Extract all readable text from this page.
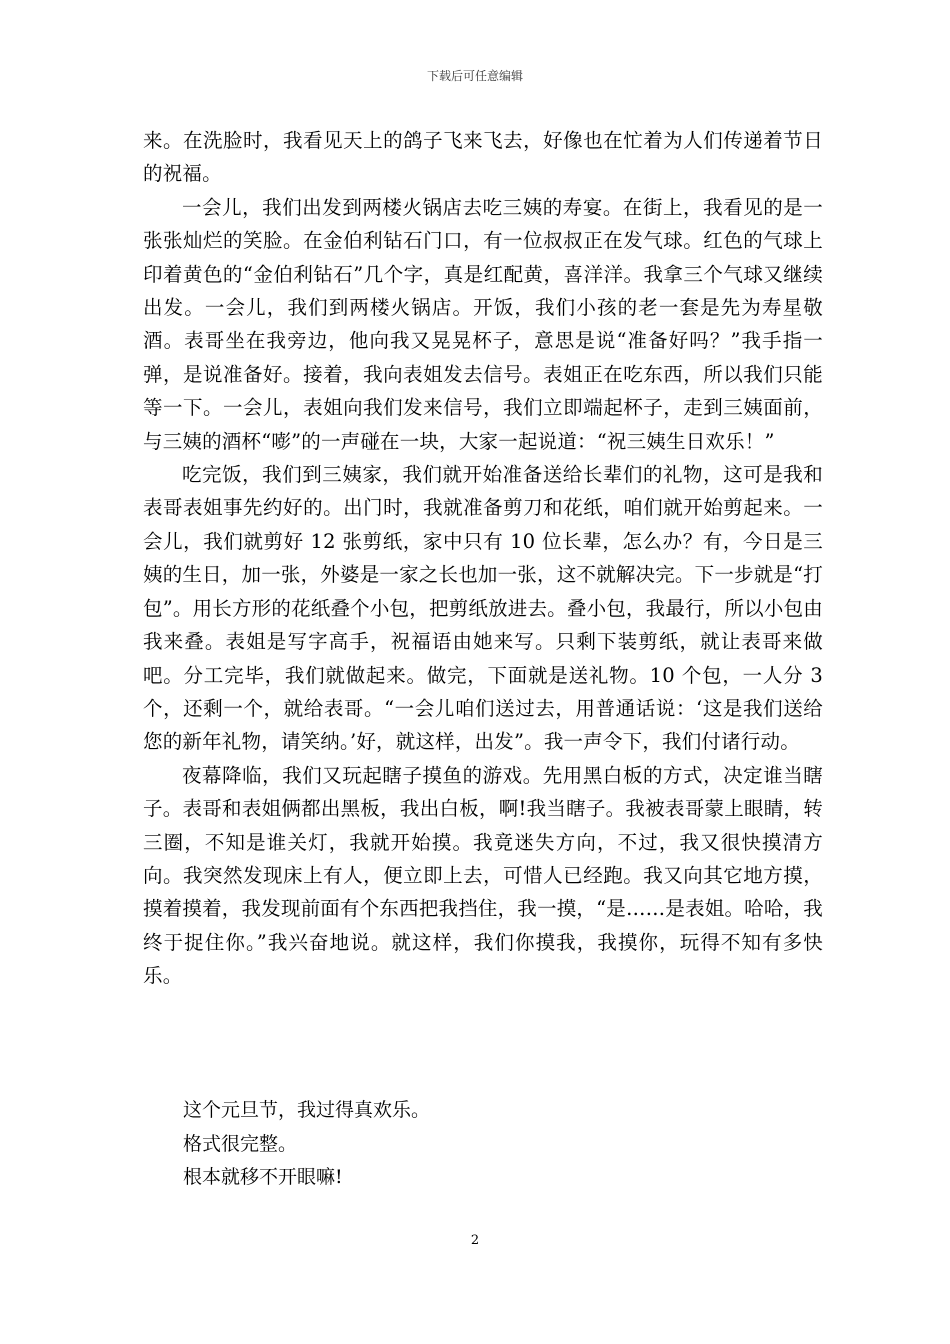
下载后可任意编辑

来。在洗脸时，我看见天上的鸽子飞来飞去，好像也在忙着为人们传递着节日的祝福。

一会儿，我们出发到两楼火锅店去吃三姨的寿宴。在街上，我看见的是一张张灿烂的笑脸。在金伯利钻石门口，有一位叔叔正在发气球。红色的气球上印着黄色的“金伯利钻石”几个字，真是红配黄，喜洋洋。我拿三个气球又继续出发。一会儿，我们到两楼火锅店。开饭，我们小孩的老一套是先为寿星敬酒。表哥坐在我旁边，他向我又晃晃杯子，意思是说“准备好吗？”我手指一弹，是说准备好。接着，我向表姐发去信号。表姐正在吃东西，所以我们只能等一下。一会儿，表姐向我们发来信号，我们立即端起杯子，走到三姨面前，与三姨的酒杯“嘭”的一声碰在一块，大家一起说道：“祝三姨生日欢乐！”

吃完饭，我们到三姨家，我们就开始准备送给长辈们的礼物，这可是我和表哥表姐事先约好的。出门时，我就准备剪刀和花纸，咱们就开始剪起来。一会儿，我们就剪好 12 张剪纸，家中只有 10 位长辈，怎么办？有，今日是三姨的生日，加一张，外婆是一家之长也加一张，这不就解决完。下一步就是“打包”。用长方形的花纸叠个小包，把剪纸放进去。叠小包，我最行，所以小包由我来叠。表姐是写字高手，祝福语由她来写。只剩下装剪纸，就让表哥来做吧。分工完毕，我们就做起来。做完，下面就是送礼物。10 个包，一人分 3 个，还剩一个，就给表哥。“一会儿咱们送过去，用普通话说：‘这是我们送给您的新年礼物，请笑纳。’好，就这样，出发”。我一声令下，我们付诸行动。

夜幕降临，我们又玩起瞎子摸鱼的游戏。先用黑白板的方式，决定谁当瞎子。表哥和表姐俩都出黑板，我出白板，啊!我当瞎子。我被表哥蒙上眼睛，转三圈，不知是谁关灯，我就开始摸。我竟迷失方向，不过，我又很快摸清方向。我突然发现床上有人，便立即上去，可惜人已经跑。我又向其它地方摸，摸着摸着，我发现前面有个东西把我挡住，我一摸，“是……是表姐。哈哈，我终于捉住你。”我兴奋地说。就这样，我们你摸我，我摸你，玩得不知有多快乐。

这个元旦节，我过得真欢乐。

格式很完整。

根本就移不开眼嘛!

2
